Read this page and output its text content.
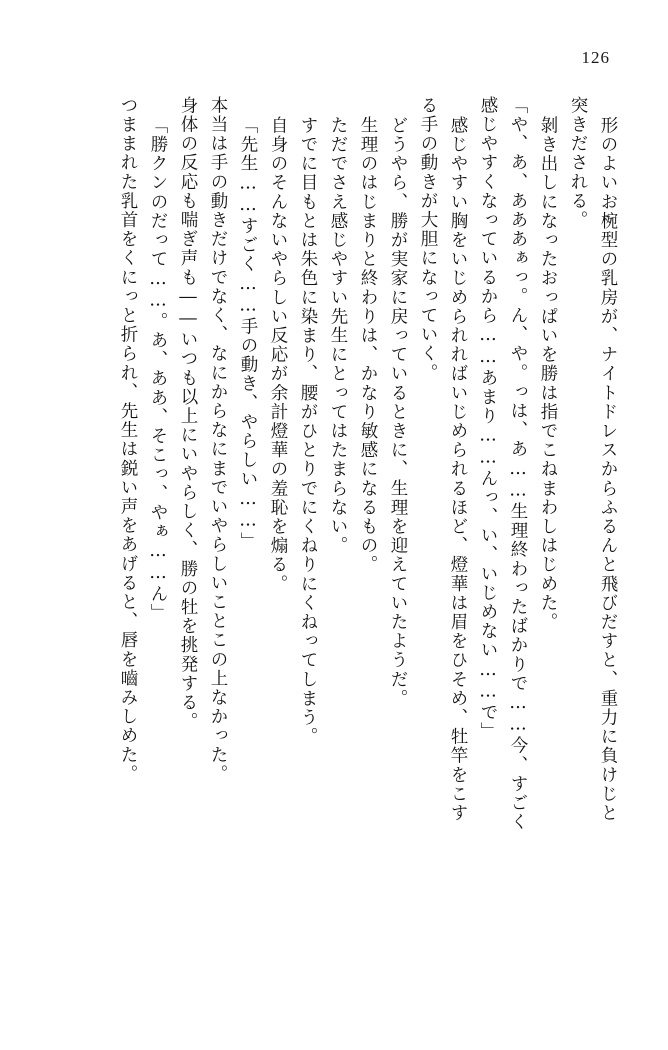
126
形のよいお椀型の乳房が、ナイトドレスからふるんと飛びだすと、重力に負けじと
突きだされる。
剝き出しになったおっぱいを勝は指でこねまわしはじめた。
「や、あ、あああぁっ。ん、や。っは、あ……生理終わったばかりで……今、すごく
感じやすくなっているから……あまり……んっ、い、いじめない……で」
感じやすい胸をいじめられればいじめられるほど、燈華は眉をひそめ、牡竿をこす
る手の動きが大胆になっていく。
どうやら、勝が実家に戻っているときに、生理を迎えていたようだ。
生理のはじまりと終わりは、かなり敏感になるもの。
ただでさえ感じやすい先生にとってはたまらない。
すでに目もとは朱色に染まり、腰がひとりでにくねりにくねってしまう。
自身のそんないやらしい反応が余計燈華の羞恥を煽る。
「先生……すごく……手の動き、やらしい……」
本当は手の動きだけでなく、なにからなにまでいやらしいことこの上なかった。
身体の反応も喘ぎ声も――いつも以上にいやらしく、勝の牡を挑発する。
「勝クンのだって……。あ、ああ、そこっ、やぁ……ん」
つままれた乳首をくにっと折られ、先生は鋭い声をあげると、唇を嚙みしめた。
